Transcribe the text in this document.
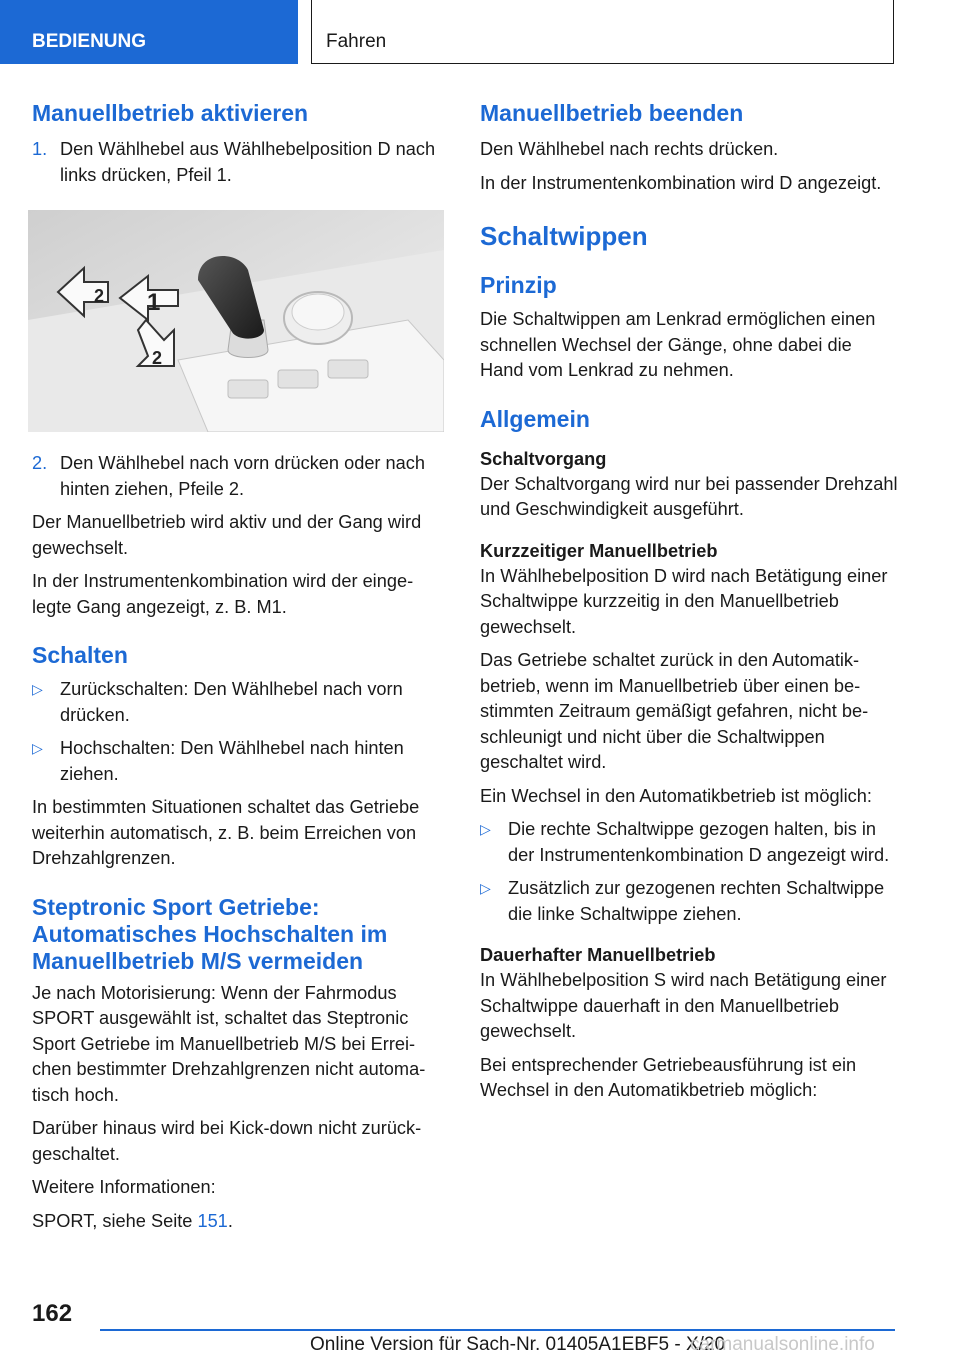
BEDIENUNG	Fahren
Manuellbetrieb aktivieren
1. Den Wählhebel aus Wählhebelposition D nach links drücken, Pfeil 1.
1
2
2
2. Den Wählhebel nach vorn drücken oder nach hinten ziehen, Pfeile 2.

Der Manuellbetrieb wird aktiv und der Gang wird gewechselt.

In der Instrumentenkombination wird der eingelegte Gang angezeigt, z. B. M1.

Schalten
▷ Zurückschalten: Den Wählhebel nach vorn drücken.
▷ Hochschalten: Den Wählhebel nach hinten ziehen.

In bestimmten Situationen schaltet das Getriebe weiterhin automatisch, z. B. beim Erreichen von Drehzahlgrenzen.

Steptronic Sport Getriebe: Automatisches Hochschalten im Manuellbetrieb M/S vermeiden

Je nach Motorisierung: Wenn der Fahrmodus SPORT ausgewählt ist, schaltet das Steptronic Sport Getriebe im Manuellbetrieb M/S bei Erreichen bestimmter Drehzahlgrenzen nicht automatisch hoch.

Darüber hinaus wird bei Kick-down nicht zurückgeschaltet.

Weitere Informationen:

SPORT, siehe Seite 151.

Manuellbetrieb beenden

Den Wählhebel nach rechts drücken.

In der Instrumentenkombination wird D angezeigt.

Schaltwippen
Prinzip

Die Schaltwippen am Lenkrad ermöglichen einen schnellen Wechsel der Gänge, ohne dabei die Hand vom Lenkrad zu nehmen.

Allgemein
Schaltvorgang

Der Schaltvorgang wird nur bei passender Drehzahl und Geschwindigkeit ausgeführt.

Kurzzeitiger Manuellbetrieb

In Wählhebelposition D wird nach Betätigung einer Schaltwippe kurzzeitig in den Manuellbetrieb gewechselt.

Das Getriebe schaltet zurück in den Automatikbetrieb, wenn im Manuellbetrieb über einen bestimmten Zeitraum gemäßigt gefahren, nicht beschleunigt und nicht über die Schaltwippen geschaltet wird.

Ein Wechsel in den Automatikbetrieb ist möglich:

▷ Die rechte Schaltwippe gezogen halten, bis in der Instrumentenkombination D angezeigt wird.
▷ Zusätzlich zur gezogenen rechten Schaltwippe die linke Schaltwippe ziehen.
Dauerhafter Manuellbetrieb

In Wählhebelposition S wird nach Betätigung einer Schaltwippe dauerhaft in den Manuellbetrieb gewechselt.

Bei entsprechender Getriebeausführung ist ein Wechsel in den Automatikbetrieb möglich:

162
Online Version für Sach-Nr. 01405A1EBF5 - X/20
carmanualsonline.info
